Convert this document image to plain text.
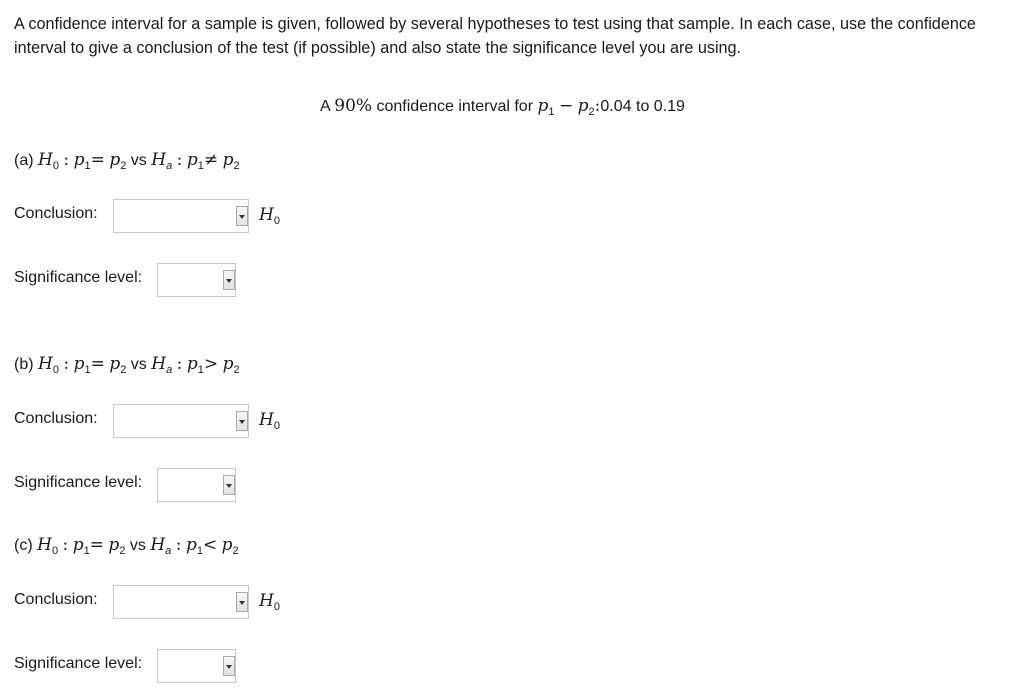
A confidence interval for a sample is given, followed by several hypotheses to test using that sample. In each case, use the confidence interval to give a conclusion of the test (if possible) and also state the significance level you are using.
A 90% confidence interval for $p_1$ − $p_2:0.04$ to 0.19
(a) $H_0$ : $p_1= p_2$ vs $H_a$ : $p_1\ne p_2$
Conclusion:	$H_0$
Significance level:
(b) $H_0$ : $p_1= p_2$ vs $H_a$ : $p_1> p_2$
Conclusion:	$H_0$
Significance level:
(c) $H_0$ : $p_1= p_2$ vs $H_a$ : $p_1< p_2$
Conclusion:	$H_0$
Significance level:
